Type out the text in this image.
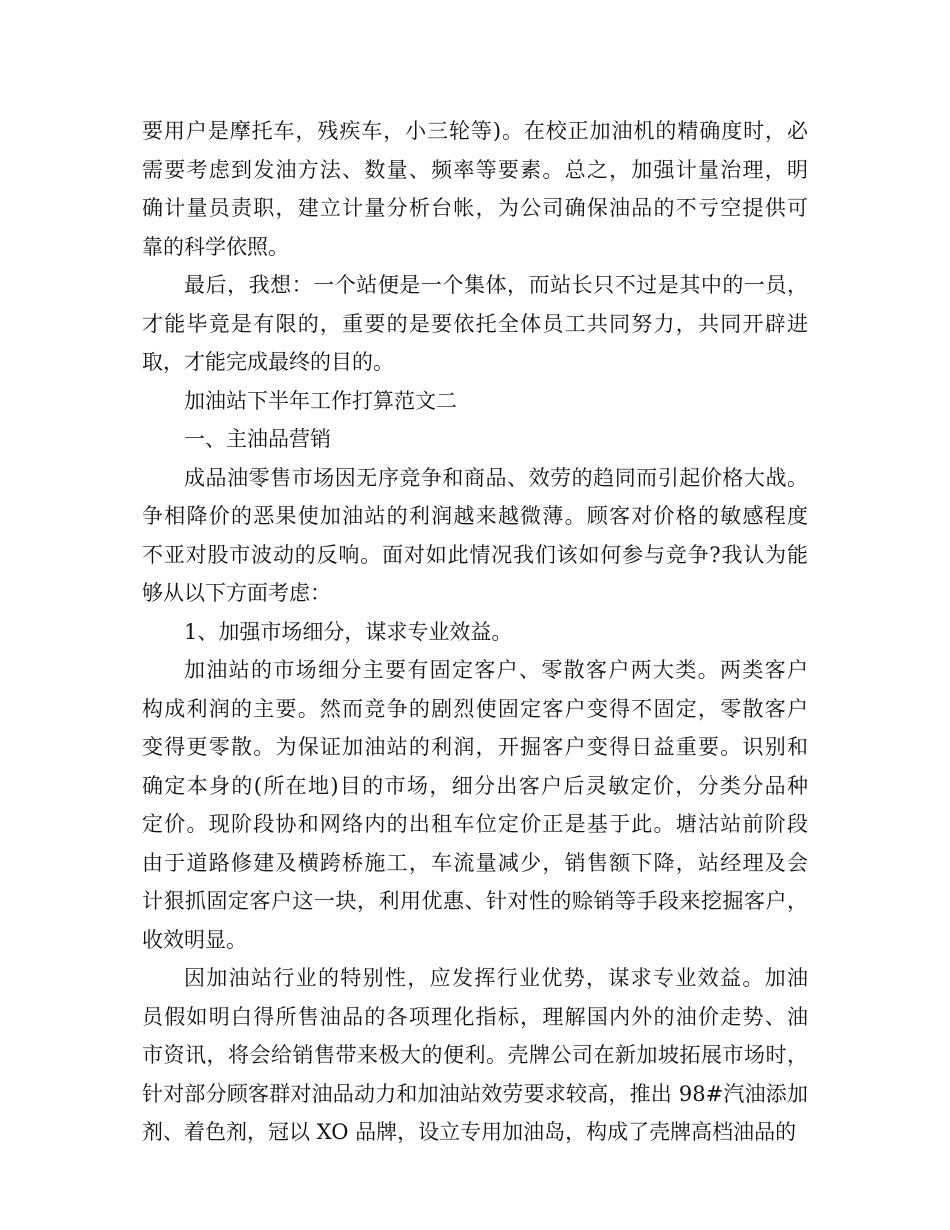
要用户是摩托车，残疾车，小三轮等)。在校正加油机的精确度时，必
需要考虑到发油方法、数量、频率等要素。总之，加强计量治理，明
确计量员责职，建立计量分析台帐，为公司确保油品的不亏空提供可
靠的科学依照。
最后，我想：一个站便是一个集体，而站长只不过是其中的一员，
才能毕竟是有限的，重要的是要依托全体员工共同努力，共同开辟进
取，才能完成最终的目的。
加油站下半年工作打算范文二
一、主油品营销
成品油零售市场因无序竞争和商品、效劳的趋同而引起价格大战。
争相降价的恶果使加油站的利润越来越微薄。顾客对价格的敏感程度
不亚对股市波动的反响。面对如此情况我们该如何参与竞争?我认为能
够从以下方面考虑：
1、加强市场细分，谋求专业效益。
加油站的市场细分主要有固定客户、零散客户两大类。两类客户
构成利润的主要。然而竞争的剧烈使固定客户变得不固定，零散客户
变得更零散。为保证加油站的利润，开掘客户变得日益重要。识别和
确定本身的(所在地)目的市场，细分出客户后灵敏定价，分类分品种
定价。现阶段协和网络内的出租车位定价正是基于此。塘沽站前阶段
由于道路修建及横跨桥施工，车流量减少，销售额下降，站经理及会
计狠抓固定客户这一块，利用优惠、针对性的赊销等手段来挖掘客户，
收效明显。
因加油站行业的特别性，应发挥行业优势，谋求专业效益。加油
员假如明白得所售油品的各项理化指标，理解国内外的油价走势、油
市资讯，将会给销售带来极大的便利。壳牌公司在新加坡拓展市场时，
针对部分顾客群对油品动力和加油站效劳要求较高，推出 98#汽油添加
剂、着色剂，冠以 XO 品牌，设立专用加油岛，构成了壳牌高档油品的
